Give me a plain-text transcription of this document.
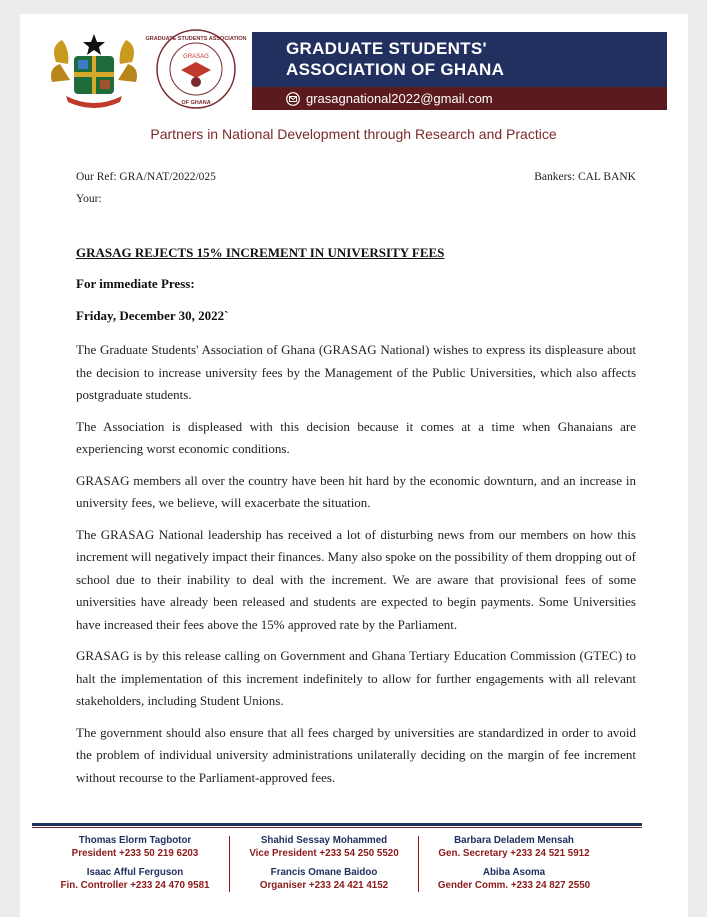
GRASAG
GRADUATE STUDENTS ASSOCIATION
OF GHANA
GRADUATE STUDENTS'
ASSOCIATION OF GHANA
grasagnational2022@gmail.com
Partners in National Development through Research and Practice
Our Ref: GRA/NAT/2022/025	Bankers: CAL BANK
Your:
GRASAG REJECTS 15% INCREMENT IN UNIVERSITY FEES
For immediate Press:
Friday, December 30, 2022`

The Graduate Students' Association of Ghana (GRASAG National) wishes to express its displeasure about the decision to increase university fees by the Management of the Public Universities, which also affects postgraduate students.

The Association is displeased with this decision because it comes at a time when Ghanaians are experiencing worst economic conditions.

GRASAG members all over the country have been hit hard by the economic downturn, and an increase in university fees, we believe, will exacerbate the situation.

The GRASAG National leadership has received a lot of disturbing news from our members on how this increment will negatively impact their finances. Many also spoke on the possibility of them dropping out of school due to their inability to deal with the increment. We are aware that provisional fees of some universities have already been released and students are expected to begin payments. Some Universities have increased their fees above the 15% approved rate by the Parliament.

GRASAG is by this release calling on Government and Ghana Tertiary Education Commission (GTEC) to halt the implementation of this increment indefinitely to allow for further engagements with all relevant stakeholders, including Student Unions.

The government should also ensure that all fees charged by universities are standardized in order to avoid the problem of individual university administrations unilaterally deciding on the margin of fee increment without recourse to the Parliament-approved fees.

Thomas Elorm Tagbotor
President +233 50 219 6203
Isaac Afful Ferguson
Fin. Controller +233 24 470 9581
Shahid Sessay Mohammed
Vice President +233 54 250 5520
Francis Omane Baidoo
Organiser +233 24 421 4152
Barbara Deladem Mensah
Gen. Secretary +233 24 521 5912
Abiba Asoma
Gender Comm. +233 24 827 2550
